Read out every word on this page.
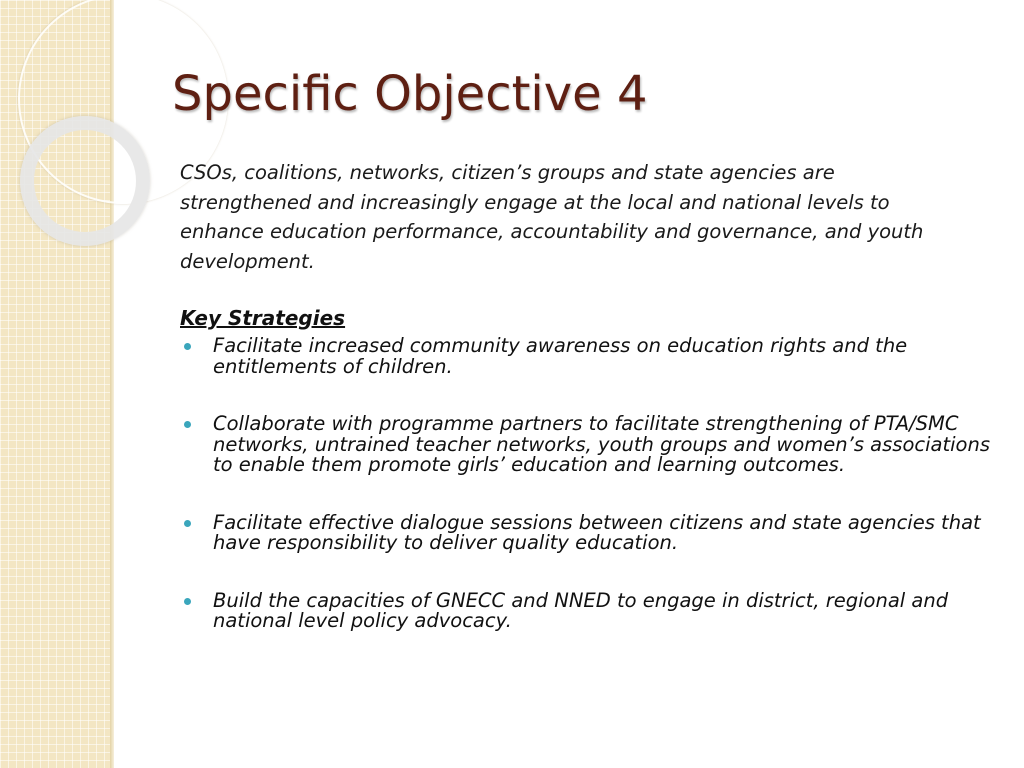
Specific Objective 4

CSOs, coalitions, networks, citizen’s groups and state agencies are strengthened and increasingly engage at the local and national levels to enhance education performance, accountability and governance, and youth development.

Key Strategies
Facilitate increased community awareness on education rights and the entitlements of children.
Collaborate with programme partners to facilitate strengthening of PTA/SMC networks, untrained teacher networks, youth groups and women’s associations to enable them promote girls’ education and learning outcomes.
Facilitate effective dialogue sessions between citizens and state agencies that have responsibility to deliver quality education.
Build the capacities of GNECC and NNED to engage in district, regional and national level policy advocacy.
